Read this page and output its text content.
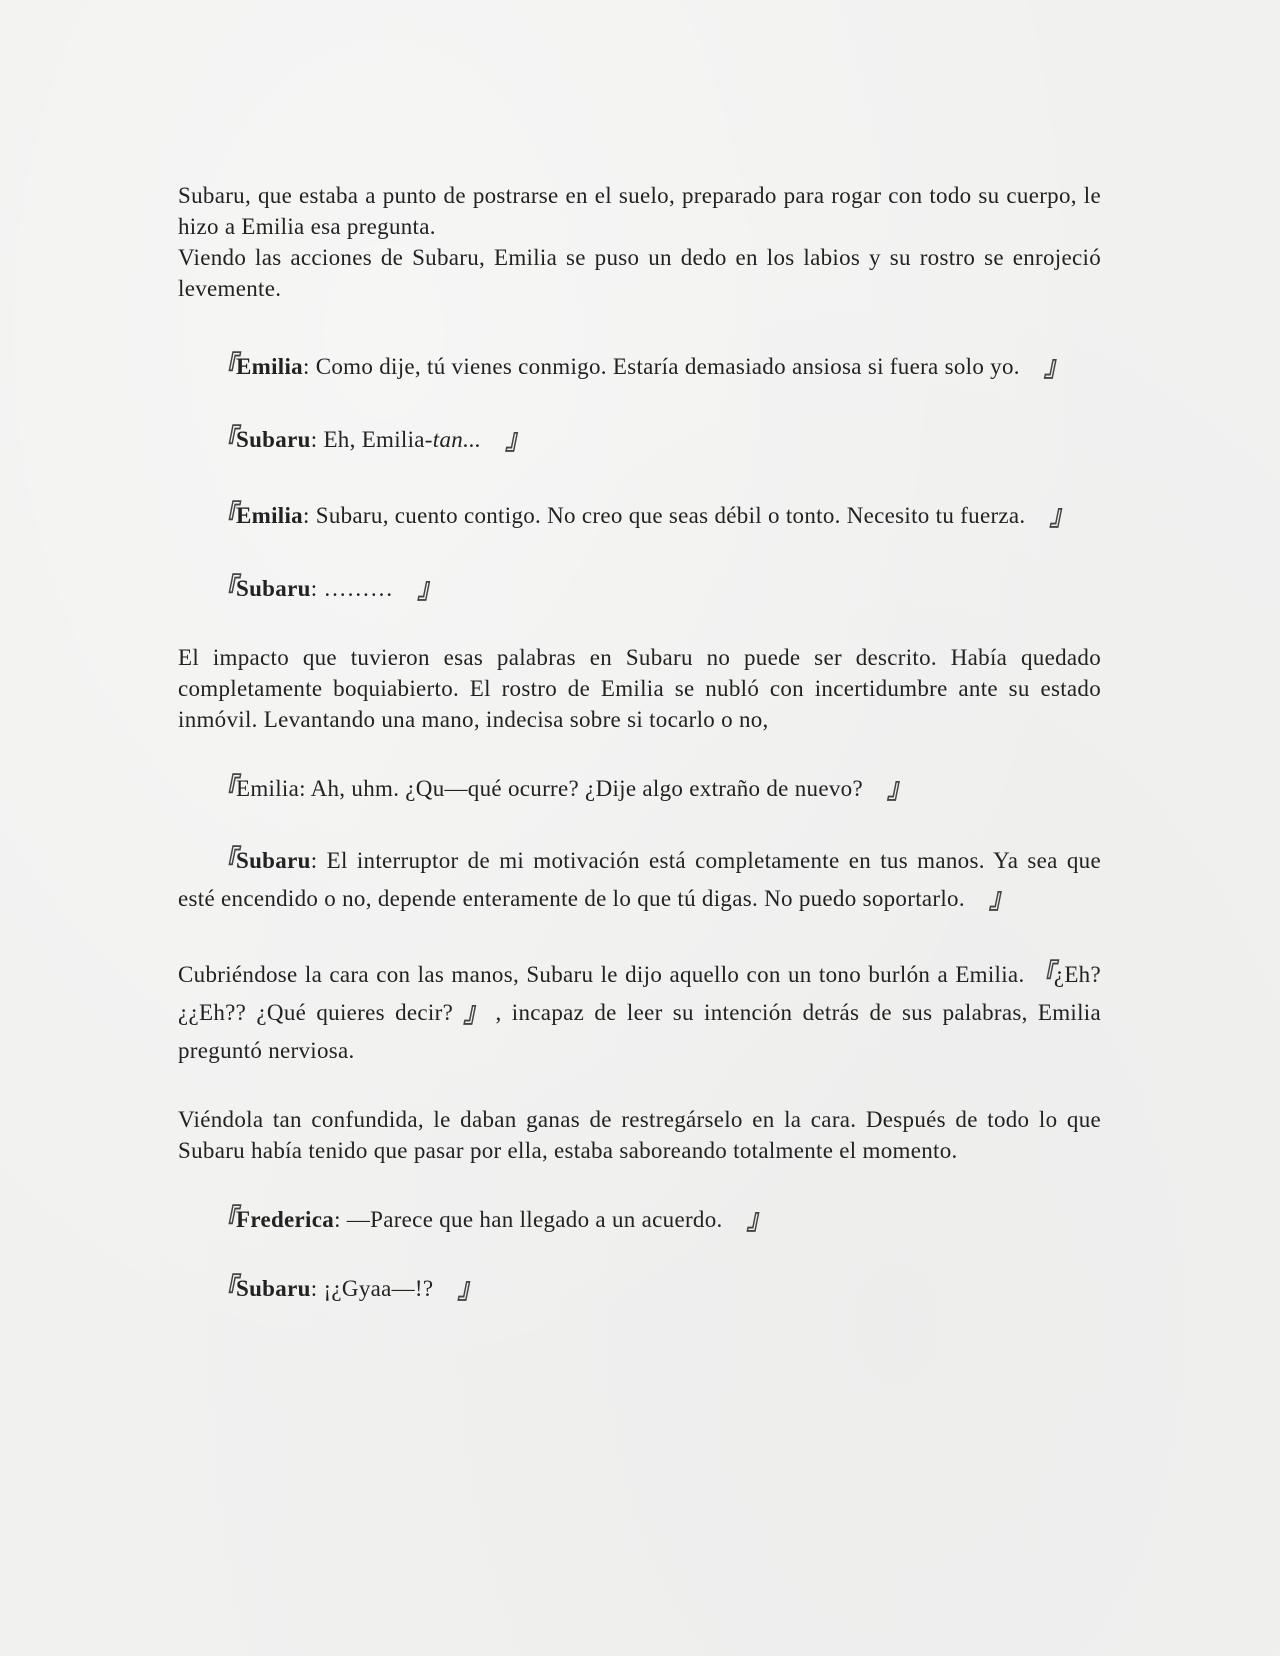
Subaru, que estaba a punto de postrarse en el suelo, preparado para rogar con todo su cuerpo, le hizo a Emilia esa pregunta.
Viendo las acciones de Subaru, Emilia se puso un dedo en los labios y su rostro se enrojeció levemente.

『Emilia: Como dije, tú vienes conmigo. Estaría demasiado ansiosa si fuera solo yo. 』

『Subaru: Eh, Emilia-tan... 』

『Emilia: Subaru, cuento contigo. No creo que seas débil o tonto. Necesito tu fuerza. 』

『Subaru: ……… 』

El impacto que tuvieron esas palabras en Subaru no puede ser descrito. Había quedado completamente boquiabierto. El rostro de Emilia se nubló con incertidumbre ante su estado inmóvil. Levantando una mano, indecisa sobre si tocarlo o no,

『Emilia: Ah, uhm. ¿Qu—qué ocurre? ¿Dije algo extraño de nuevo? 』

『Subaru: El interruptor de mi motivación está completamente en tus manos. Ya sea que esté encendido o no, depende enteramente de lo que tú digas. No puedo soportarlo. 』

Cubriéndose la cara con las manos, Subaru le dijo aquello con un tono burlón a Emilia. 『¿Eh? ¿¿Eh?? ¿Qué quieres decir? 』 , incapaz de leer su intención detrás de sus palabras, Emilia preguntó nerviosa.

Viéndola tan confundida, le daban ganas de restregárselo en la cara. Después de todo lo que Subaru había tenido que pasar por ella, estaba saboreando totalmente el momento.

『Frederica: —Parece que han llegado a un acuerdo. 』

『Subaru: ¡¿Gyaa—!? 』
